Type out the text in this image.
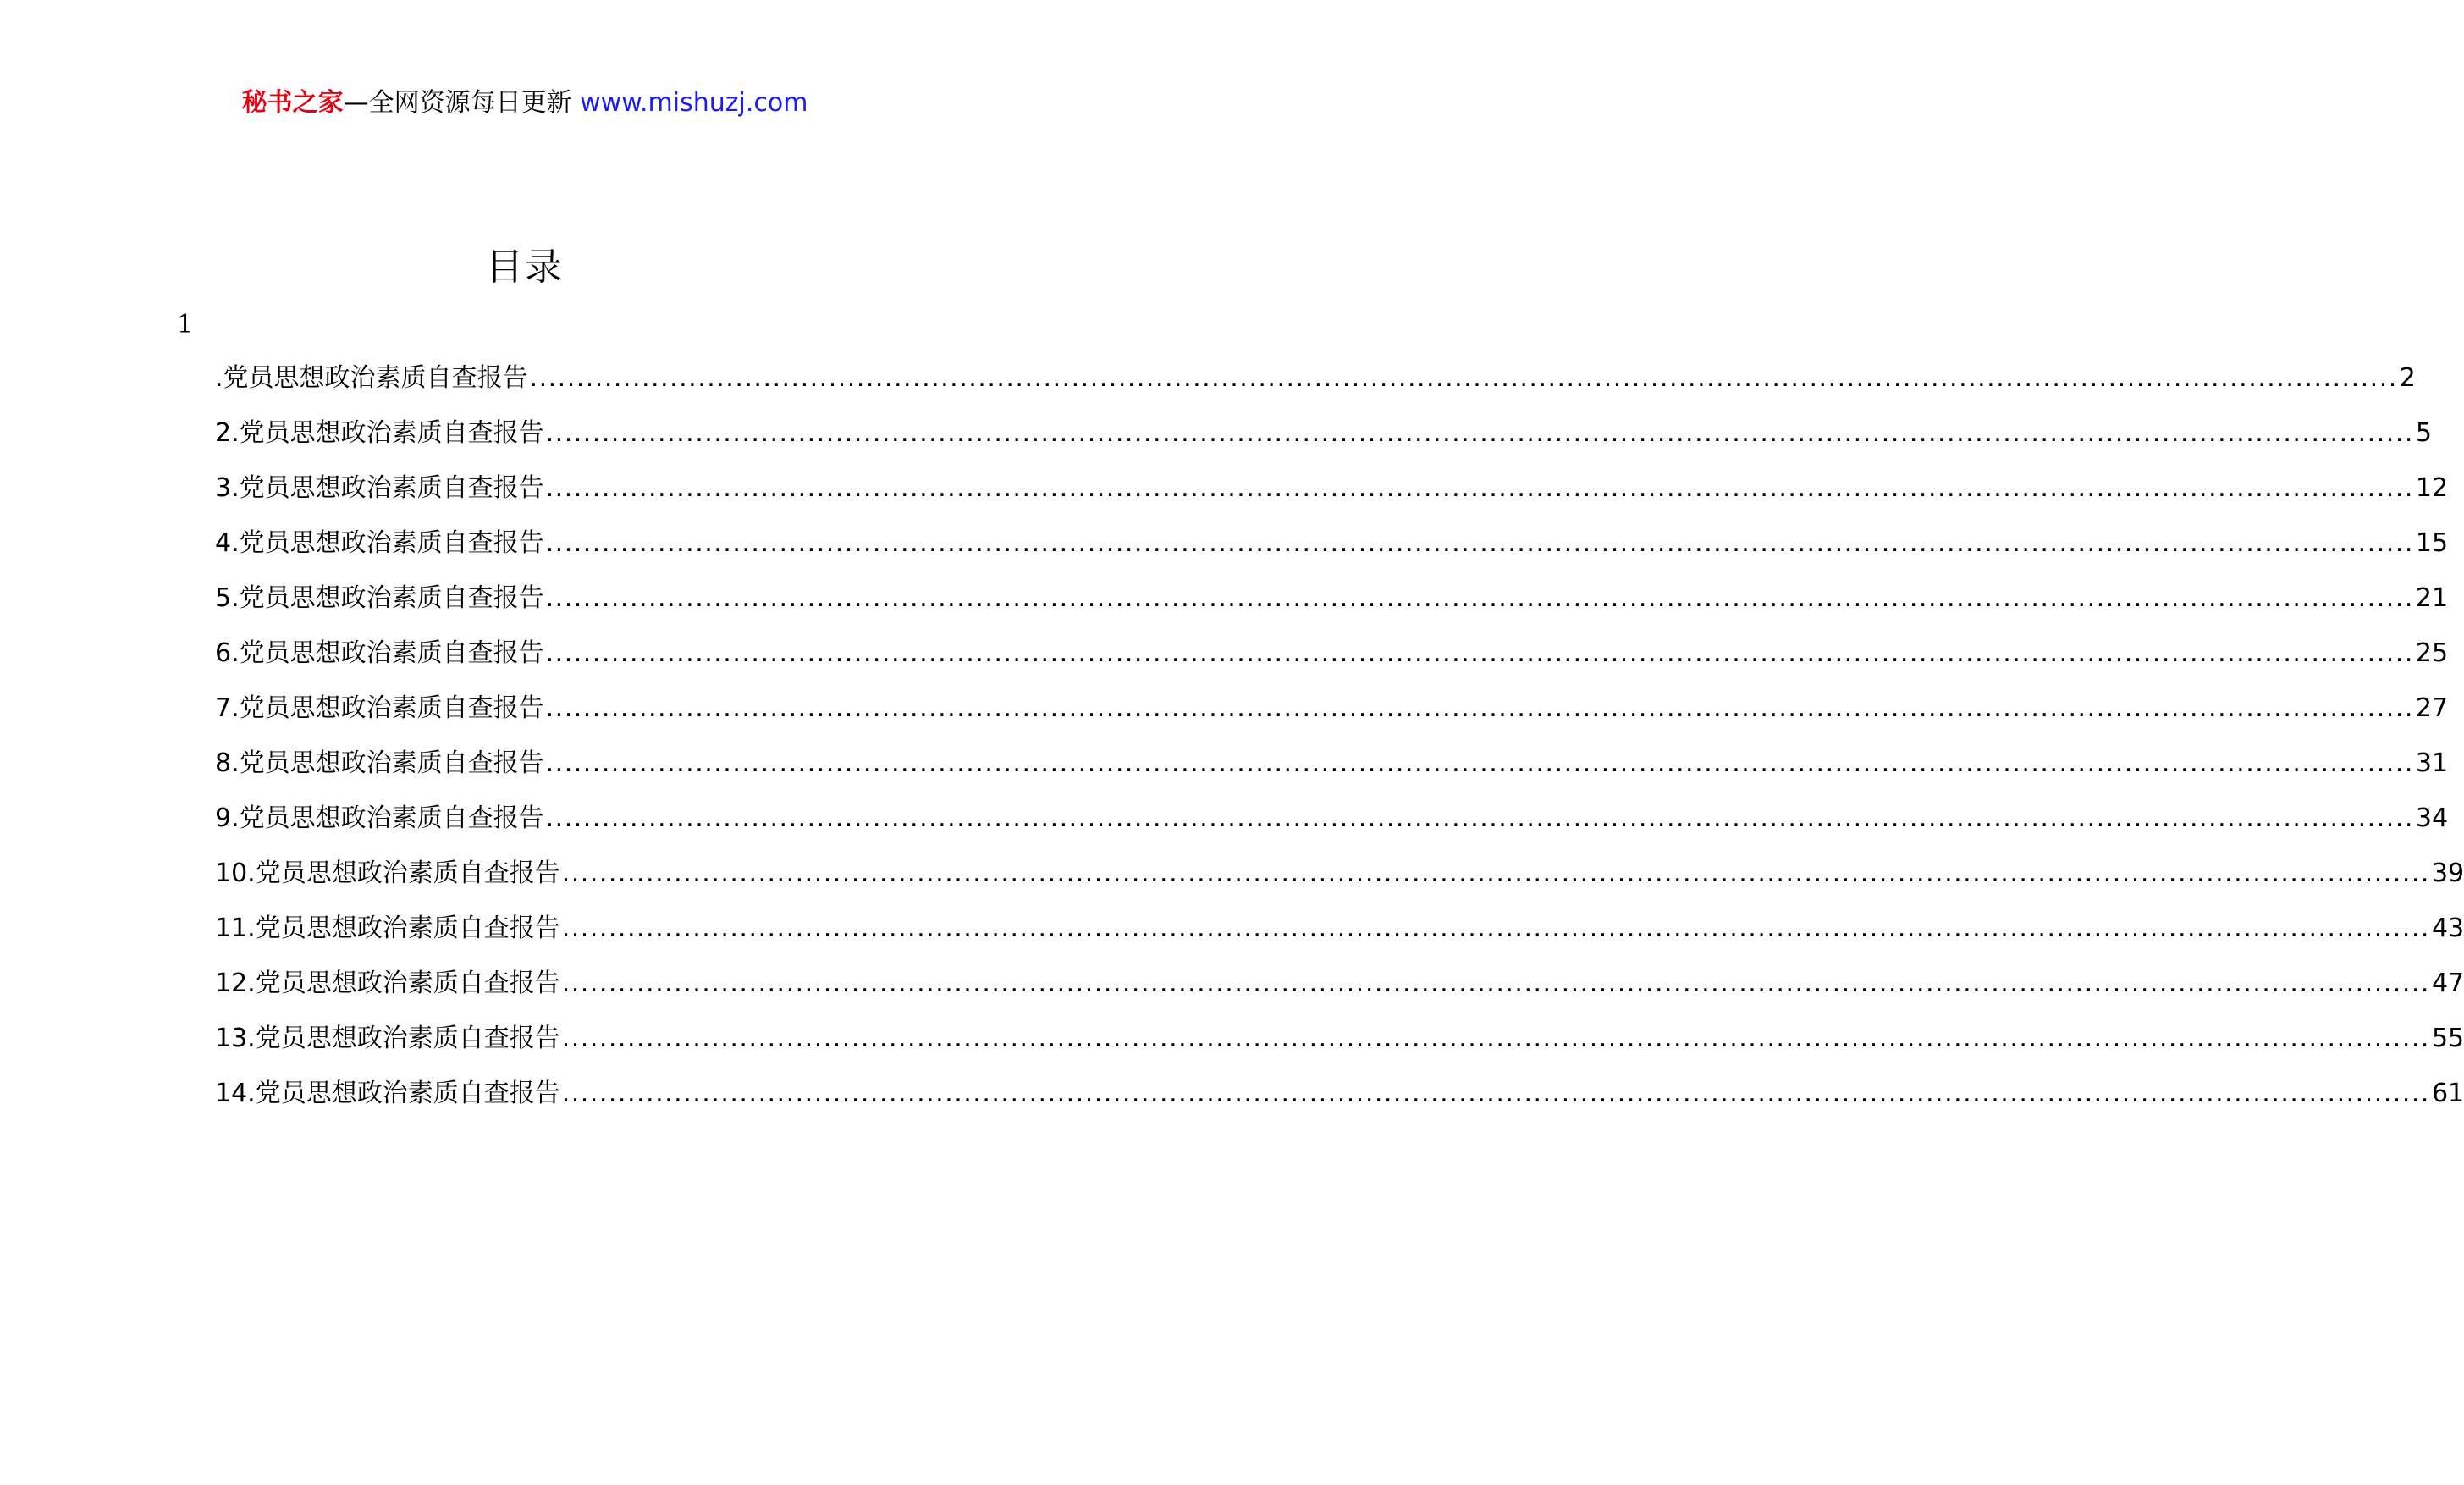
秘书之家—全网资源每日更新 www.mishuzj.com
目录
1
.党员思想政治素质自查报告 ........................................................................................................................................................................................................ 2
2.党员思想政治素质自查报告 ........................................................................................................................................................................................................ 5
3.党员思想政治素质自查报告 ........................................................................................................................................................................................................ 12
4.党员思想政治素质自查报告 ........................................................................................................................................................................................................ 15
5.党员思想政治素质自查报告 ........................................................................................................................................................................................................ 21
6.党员思想政治素质自查报告 ........................................................................................................................................................................................................ 25
7.党员思想政治素质自查报告 ........................................................................................................................................................................................................ 27
8.党员思想政治素质自查报告 ........................................................................................................................................................................................................ 31
9.党员思想政治素质自查报告 ........................................................................................................................................................................................................ 34
10.党员思想政治素质自查报告 ........................................................................................................................................................................................................ 39
11.党员思想政治素质自查报告 ........................................................................................................................................................................................................ 43
12.党员思想政治素质自查报告 ........................................................................................................................................................................................................ 47
13.党员思想政治素质自查报告 ........................................................................................................................................................................................................ 55
14.党员思想政治素质自查报告 ........................................................................................................................................................................................................ 61
